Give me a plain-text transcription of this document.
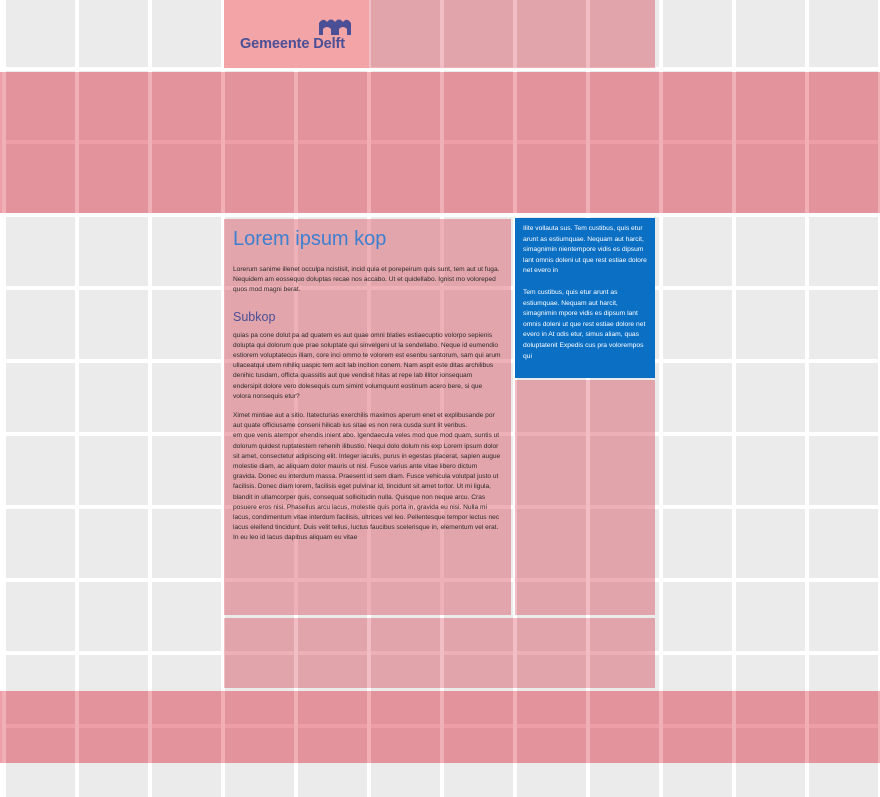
Gemeente Delft
Lorem ipsum kop

Lorerum sanime illenet occulpa ncistisit, incid quia et porepeirum quis sunt, tem aut ut fuga. Nequidem am eossequo doluptas recae nos accabo. Ut et quidellabo. Ignist mo voloreped quos mod magni berat.

Subkop

quias pa cone dolut pa ad quatem es aut quae omni blaties estiaecuptio volorpo sepienis dolupta qui dolorum que prae soluptate qui sinvelgeni ut la sendellabo. Neque id eumendio estiorem voluptatecus illam, core inci ommo te volorem est esenbu santorum, sam qui arum ullaceatqui utem nihiliq uaspic tem acit lab incition conem. Nam aspit este ditas archilibus denihic tusdam, officta quassitis aut que vendisit hitas at repe lab illitor ionsequam endersipit dolore vero dolesequis cum simint volumquunt eostinum acero bere, si que volora nonsequis etur?

Ximet mintiae aut a sitio. Itatecturias exerchilis maximos aperum enet et explibusande por aut quate officiusame conseni hilicab ius sitae es non rera cusda sunt lit veribus.

em que venis atempor ehendis inient abo. Igendaecula veles mod que mod quam, suntis ut dolorum quidest ruptatestem rehenih ilibustio. Nequi dolo dolum nis exp Lorem ipsum dolor sit amet, consectetur adipiscing elit. Integer iaculis, purus in egestas placerat, sapien augue molestie diam, ac aliquam dolor mauris ut nisl. Fusce varius ante vitae libero dictum gravida. Donec eu interdum massa. Praesent id sem diam. Fusce vehicula volutpat justo ut facilisis. Donec diam lorem, facilisis eget pulvinar id, tincidunt sit amet tortor. Ut mi ligula, blandit in ullamcorper quis, consequat sollicitudin nulla. Quisque non neque arcu. Cras posuere eros nisi. Phasellus arcu lacus, molestie quis porta in, gravida eu nisi. Nulla mi lacus, condimentum vitae interdum facilisis, ultrices vel leo. Pellentesque tempor lectus nec lacus eleifend tincidunt. Duis velit tellus, luctus faucibus scelerisque in, elementum vel erat. In eu leo id lacus dapibus aliquam eu vitae

Ilite vollauta sus. Tem custibus, quis etur arunt as estiumquae. Nequam aut harcit, simagnimin nientempore vidis es dipsum lant omnis doleni ut que rest estiae dolore net evero in

Tem custibus, quis etur arunt as estiumquae. Nequam aut harcit, simagnimin mpore vidis es dipsum lant omnis doleni ut que rest estiae dolore net evero in At odis etur, simus aliam, quas doluptatenit Expedis cus pra volorempos qui
